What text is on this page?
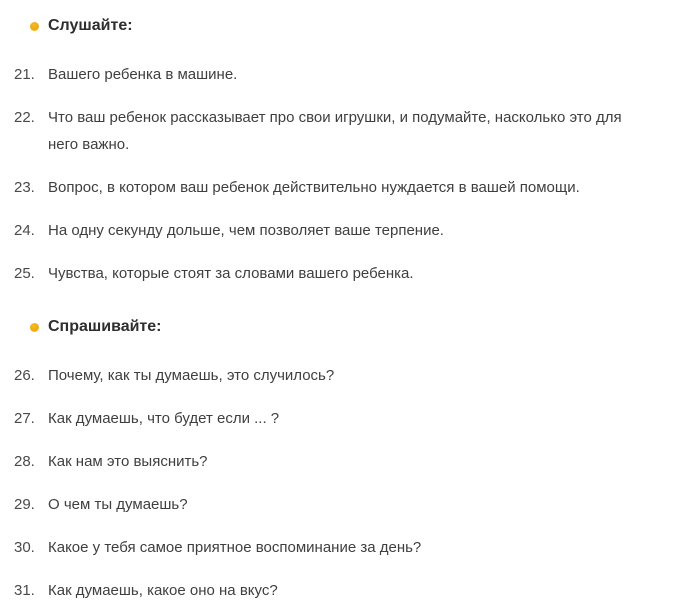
Слушайте:
21. Вашего ребенка в машине.
22. Что ваш ребенок рассказывает про свои игрушки, и подумайте, насколько это для него важно.
23. Вопрос, в котором ваш ребенок действительно нуждается в вашей помощи.
24. На одну секунду дольше, чем позволяет ваше терпение.
25. Чувства, которые стоят за словами вашего ребенка.
Спрашивайте:
26. Почему, как ты думаешь, это случилось?
27. Как думаешь, что будет если ... ?
28. Как нам это выяснить?
29. О чем ты думаешь?
30. Какое у тебя самое приятное воспоминание за день?
31. Как думаешь, какое оно на вкус?
